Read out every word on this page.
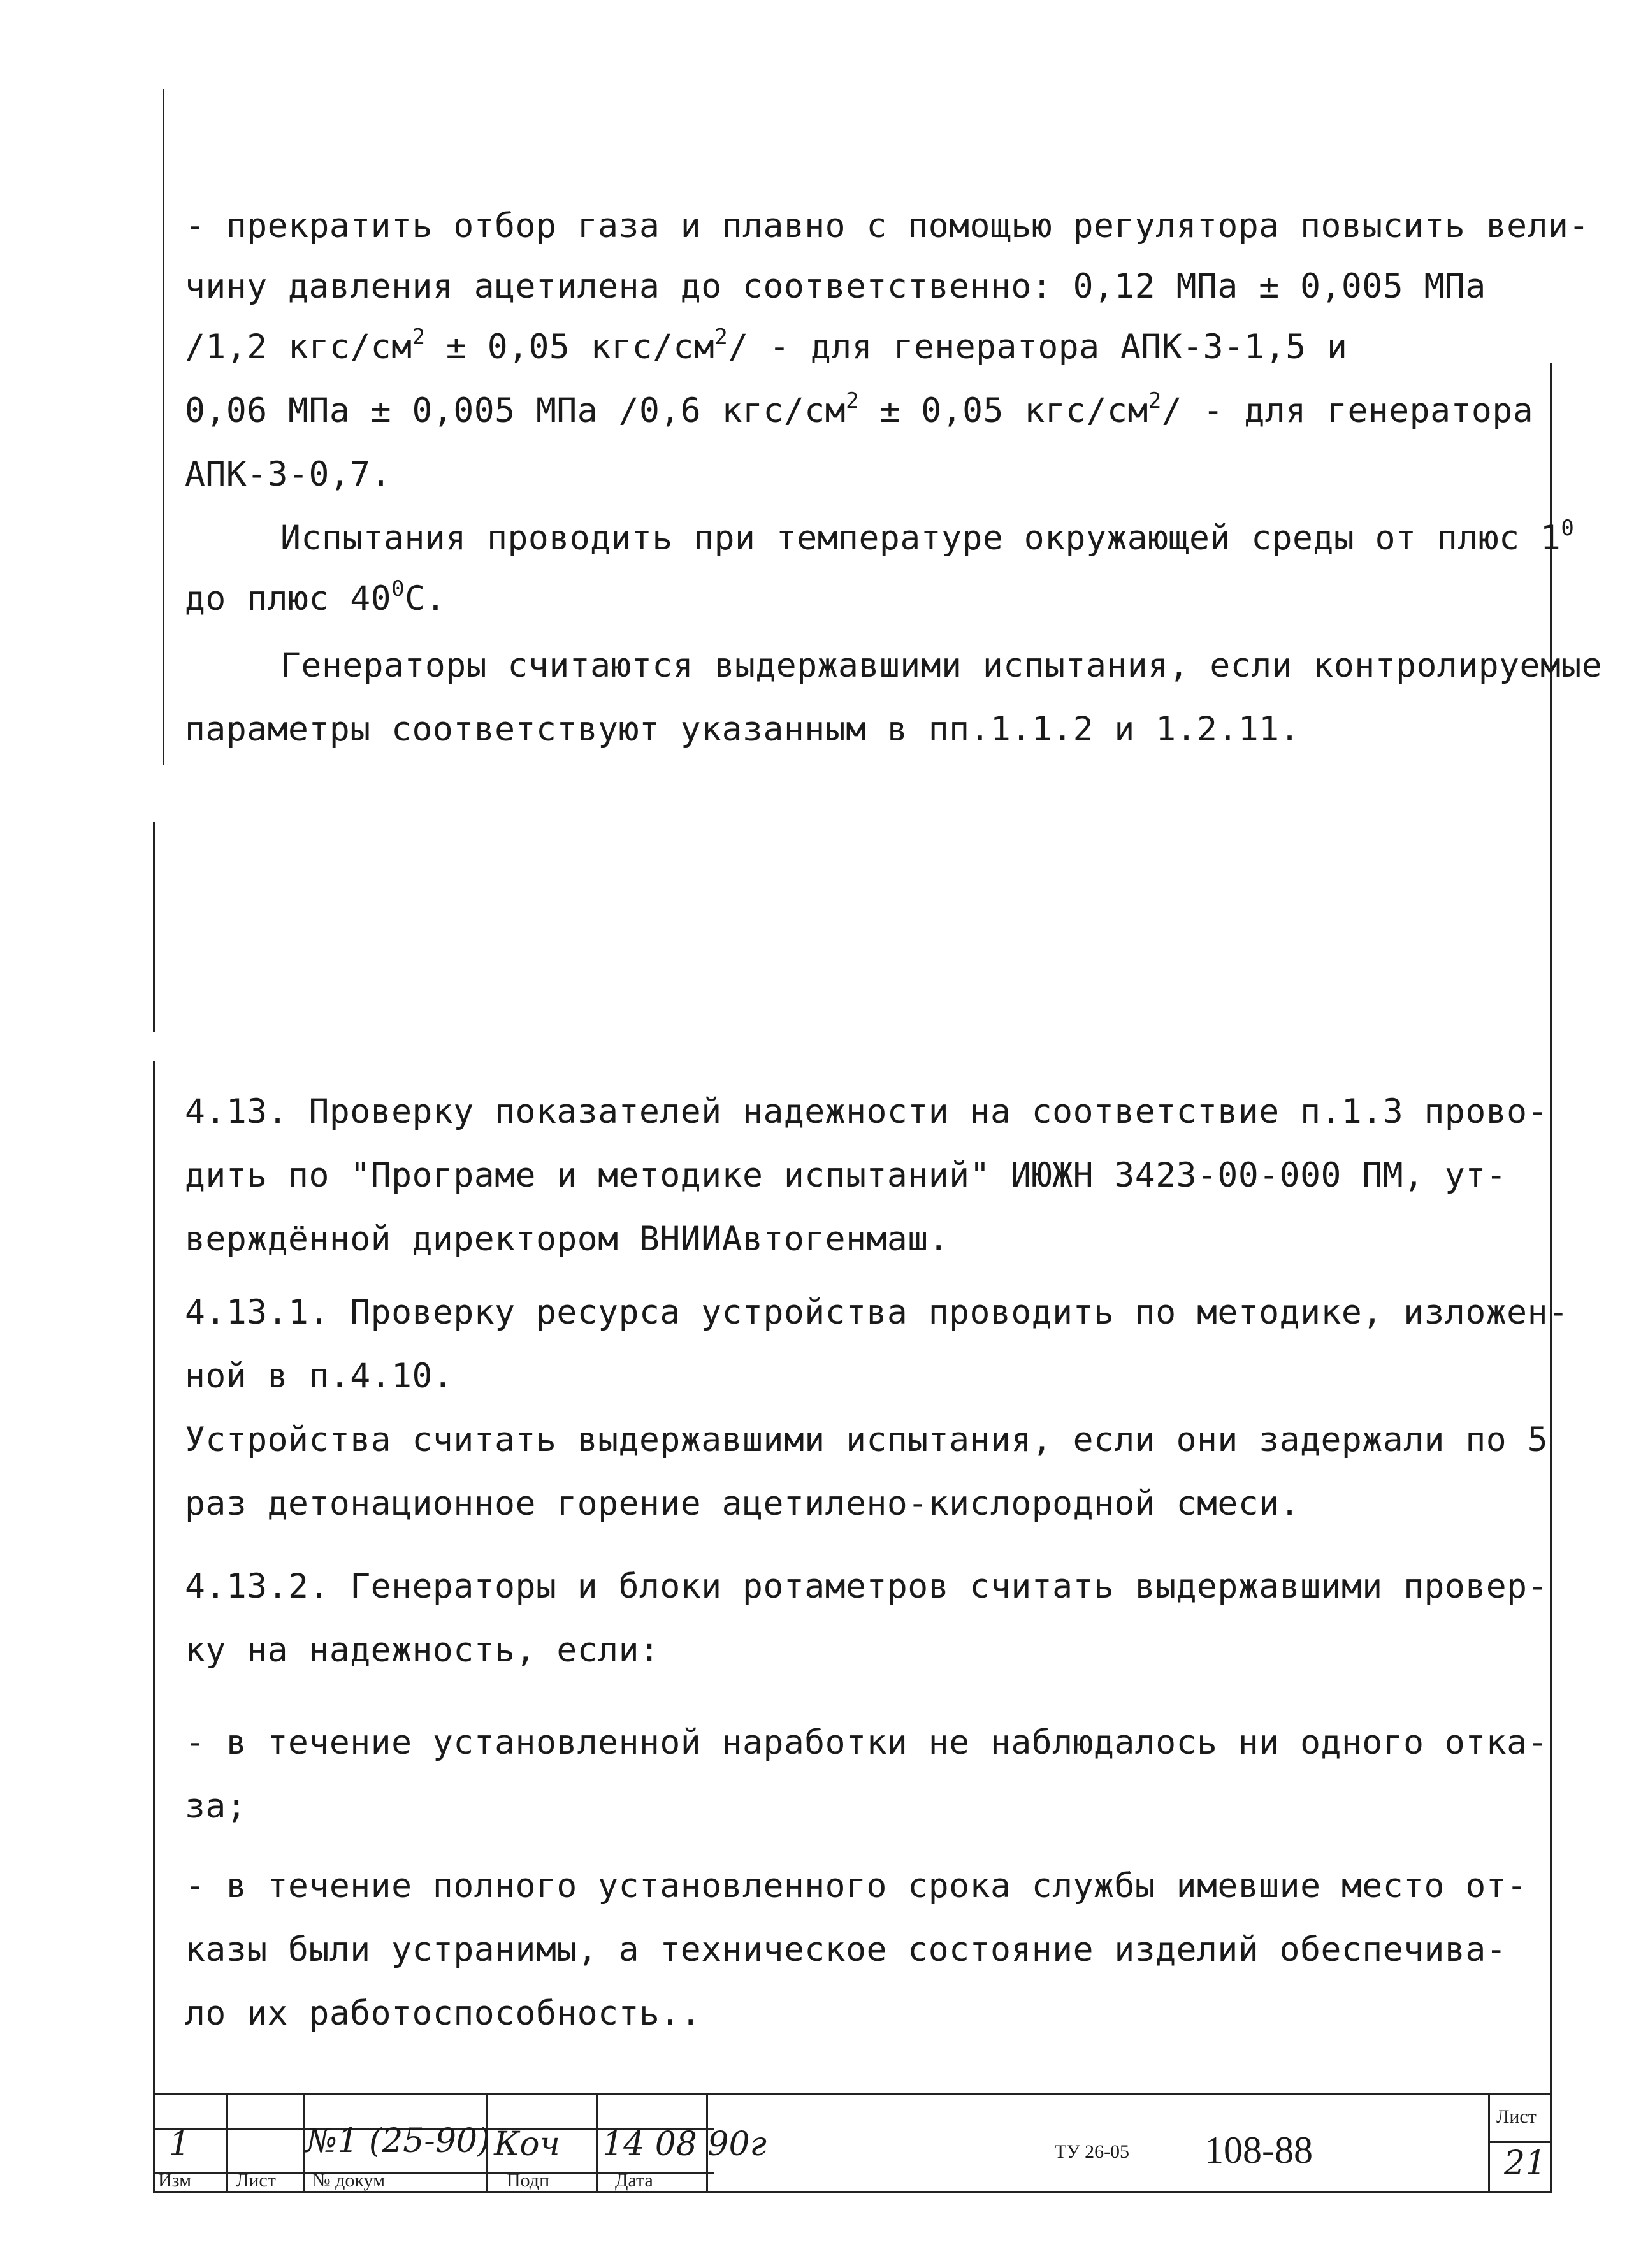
- прекратить отбор газа и плавно с помощью регулятора повысить вели-
чину давления ацетилена до соответственно: 0,12 МПа ± 0,005 МПа
/1,2 кгс/$см^2 \pm 0,05$ кгс/$см^2/$ - для генератора АПК-3-1,5 и
0,06 МПа ± 0,005 МПа /0,6 кгс/$см^2 \pm 0,05$ кгс/$см^2/$ - для генератора
АПК-3-0,7.
Испытания проводить при температуре окружающей среды от плюс $1^0$
до плюс $40^0С$.
Генераторы считаются выдержавшими испытания, если контролируемые
параметры соответствуют указанным в пп.1.1.2 и 1.2.11.
4.13. Проверку показателей надежности на соответствие п.1.3 прово-
дить по "Програме и методике испытаний" ИЮЖН 3423-00-000 ПМ, ут-
верждённой директором ВНИИАвтогенмаш.
4.13.1. Проверку ресурса устройства проводить по методике, изложен-
ной в п.4.10.
Устройства считать выдержавшими испытания, если они задержали по 5
раз детонационное горение ацетилено-кислородной смеси.
4.13.2. Генераторы и блоки ротаметров считать выдержавшими провер-
ку на надежность, если:
- в течение установленной наработки не наблюдалось ни одного отка-
за;
- в течение полного установленного срока службы имевшие место от-
казы были устранимы, а техническое состояние изделий обеспечива-
ло их работоспособность..
1	№1 (25-90) Коч 14 08 90г
Изм Лист № докум	Подп	Дата
ТУ 26-05 108-88
Лист
21
